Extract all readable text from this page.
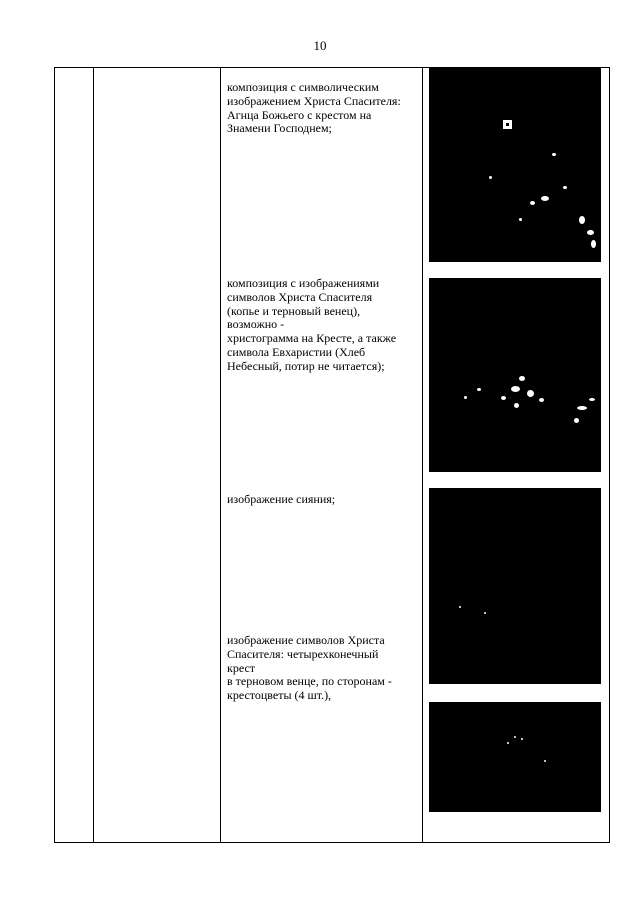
10
композиция с символическим
изображением Христа Спасителя:
Агнца Божьего с крестом на
Знамени Господнем;
композиция с изображениями
символов Христа Спасителя
(копье и терновый венец),
возможно -
христограмма на Кресте, а также
символа Евхаристии (Хлеб
Небесный, потир не читается);
изображение сияния;
изображение символов Христа
Спасителя: четырехконечный
крест
в терновом венце, по сторонам -
крестоцветы (4 шт.),
